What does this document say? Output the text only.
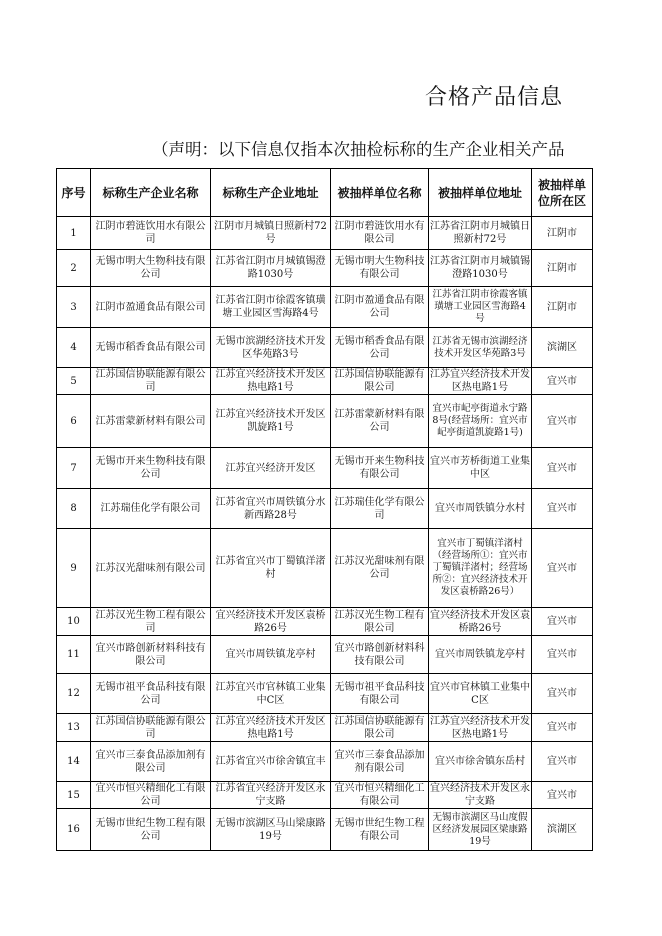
合格产品信息
（声明：以下信息仅指本次抽检标称的生产企业相关产品
序号	标称生产企业名称	标称生产企业地址	被抽样单位名称	被抽样单位地址	被抽样单位所在区
1	江阴市碧涟饮用水有限公司	江阴市月城镇日照新村72号	江阴市碧涟饮用水有限公司	江苏省江阴市月城镇日照新村72号	江阴市
2	无锡市明大生物科技有限公司	江苏省江阴市月城镇锡澄路1030号	无锡市明大生物科技有限公司	江苏省江阴市月城镇锡澄路1030号	江阴市
3	江阴市盈通食品有限公司	江苏省江阴市徐霞客镇璜塘工业园区雪海路4号	江阴市盈通食品有限公司	江苏省江阴市徐霞客镇璜塘工业园区雪海路4号	江阴市
4	无锡市稻香食品有限公司	无锡市滨湖经济技术开发区华苑路3号	无锡市稻香食品有限公司	江苏省无锡市滨湖经济技术开发区华苑路3号	滨湖区
5	江苏国信协联能源有限公司	江苏宜兴经济技术开发区热电路1号	江苏国信协联能源有限公司	江苏宜兴经济技术开发区热电路1号	宜兴市
6	江苏雷蒙新材料有限公司	江苏宜兴经济技术开发区凯旋路1号	江苏雷蒙新材料有限公司	宜兴市屺亭街道永宁路8号(经营场所：宜兴市屺亭街道凯旋路1号)	宜兴市
7	无锡市开来生物科技有限公司	江苏宜兴经济开发区	无锡市开来生物科技有限公司	宜兴市芳桥街道工业集中区	宜兴市
8	江苏瑞佳化学有限公司	江苏省宜兴市周铁镇分水新西路28号	江苏瑞佳化学有限公司	宜兴市周铁镇分水村	宜兴市
9	江苏汉光甜味剂有限公司	江苏省宜兴市丁蜀镇洋渚村	江苏汉光甜味剂有限公司	宜兴市丁蜀镇洋渚村（经营场所①：宜兴市丁蜀镇洋渚村；经营场所②：宜兴经济技术开发区袁桥路26号）	宜兴市
10	江苏汉光生物工程有限公司	宜兴经济技术开发区袁桥路26号	江苏汉光生物工程有限公司	宜兴经济技术开发区袁桥路26号	宜兴市
11	宜兴市路创新材料科技有限公司	宜兴市周铁镇龙亭村	宜兴市路创新材料科技有限公司	宜兴市周铁镇龙亭村	宜兴市
12	无锡市祖平食品科技有限公司	江苏宜兴市官林镇工业集中C区	无锡市祖平食品科技有限公司	宜兴市官林镇工业集中C区	宜兴市
13	江苏国信协联能源有限公司	江苏宜兴经济技术开发区热电路1号	江苏国信协联能源有限公司	江苏宜兴经济技术开发区热电路1号	宜兴市
14	宜兴市三泰食品添加剂有限公司	江苏省宜兴市徐舍镇宜丰	宜兴市三泰食品添加剂有限公司	宜兴市徐舍镇东岳村	宜兴市
15	宜兴市恒兴精细化工有限公司	江苏省宜兴经济开发区永宁支路	宜兴市恒兴精细化工有限公司	宜兴经济技术开发区永宁支路	宜兴市
16	无锡市世纪生物工程有限公司	无锡市滨湖区马山梁康路19号	无锡市世纪生物工程有限公司	无锡市滨湖区马山度假区经济发展园区梁康路19号	滨湖区
